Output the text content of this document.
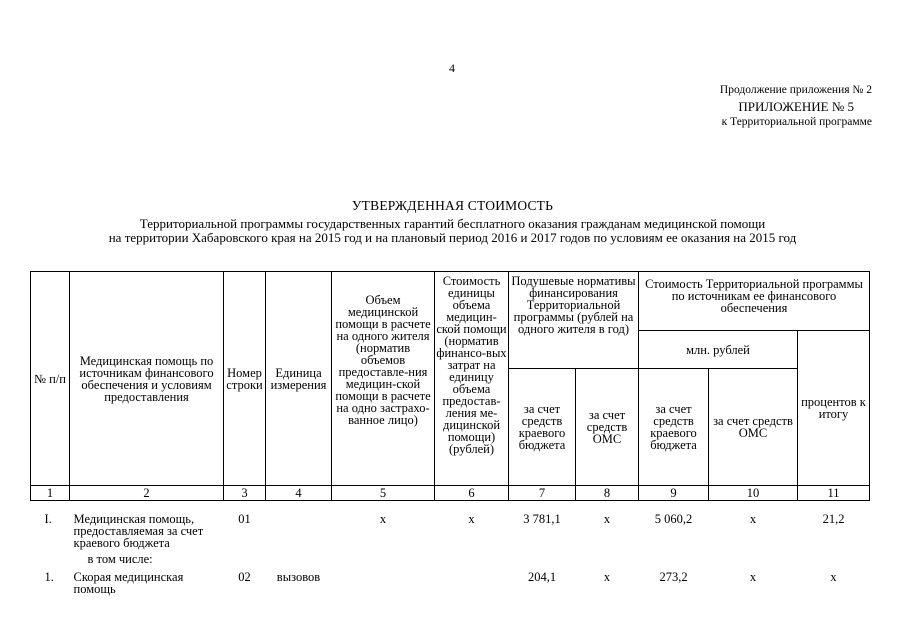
4
Продолжение приложения № 2
ПРИЛОЖЕНИЕ № 5
к Территориальной программе
УТВЕРЖДЕННАЯ СТОИМОСТЬ
Территориальной программы государственных гарантий бесплатного оказания гражданам медицинской помощи
на территории Хабаровского края на 2015 год и на плановый период 2016 и 2017 годов по условиям ее оказания на 2015 год
№ п/п	Медицинская помощь по источникам финансового обеспечения и условиям предоставления	Номер строки	Единица измерения	Объем медицинской помощи в расчете на одного жителя (норматив объемов предоставле-ния медицин-ской помощи в расчете на одно застрахо-ванное лицо)	Стоимость единицы объема медицин-ской помощи (норматив финансо-вых затрат на единицу объема предостав-ления ме-дицинской помощи) (рублей)	Подушевые нормативы финансирования Территориальной программы (рублей на одного жителя в год)		Стоимость Территориальной программы по источникам ее финансового обеспечения		
								млн. рублей		процентов к итогу
						за счет средств краевого бюджета	за счет средств ОМС	за счет средств краевого бюджета	за счет средств ОМС	
1	2	3	4	5	6	7	8	9	10	11
I.	Медицинская помощь, предоставляемая за счет краевого бюджета	01		х	х	3 781,1	х	5 060,2	х	21,2
	в том числе:									
1.	Скорая медицинская помощь	02	вызовов			204,1	х	273,2	х	х
